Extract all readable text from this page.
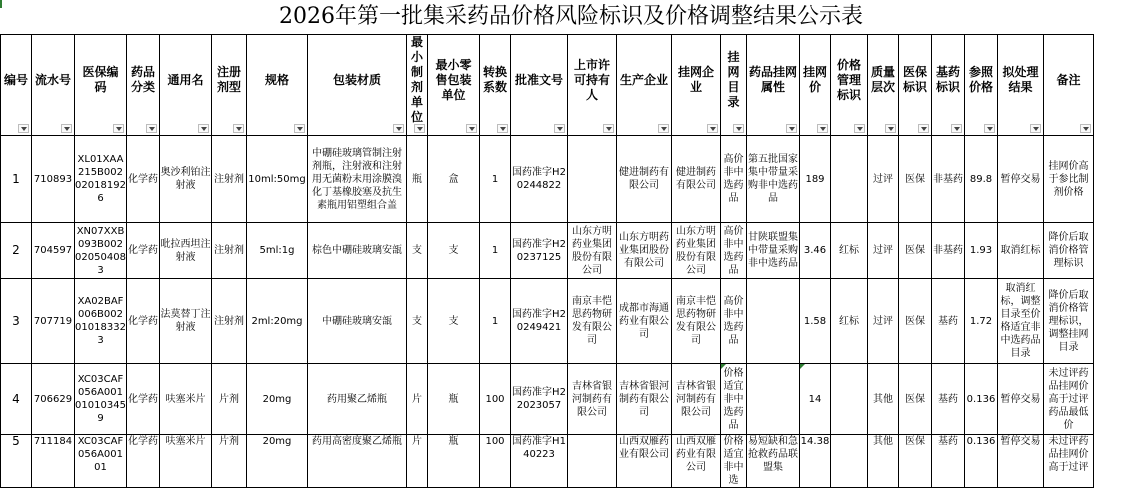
2026年第一批集采药品价格风险标识及价格调整结果公示表
编号	流水号	医保编码	药品分类	通用名	注册剂型	规格	包装材质	最小制剂单位	最小零售包装单位	转换系数	批准文号	上市许可持有人	生产企业	挂网企业	挂网目录	药品挂网属性	挂网价	价格管理标识	质量层次	医保标识	基药标识	参照价格	拟处理结果	备注

1	710893	XL01XAA215B002020181926	化学药	奥沙利铂注射液	注射剂	10ml:50mg	中硼硅玻璃管制注射剂瓶，注射液和注射用无菌粉末用涂膜溴化丁基橡胶塞及抗生素瓶用铝塑组合盖	瓶	盒	1	国药准字H20244822		健进制药有限公司	健进制药有限公司	高价非中选药品	第五批国家集中带量采购非中选药品	189		过评	医保	非基药	89.8	暂停交易	挂网价高于参比制剂价格
2	704597	XN07XXB093B002020504083	化学药	吡拉西坦注射液	注射剂	5ml:1g	棕色中硼硅玻璃安瓿	支	支	1	国药准字H20237125	山东方明药业集团股份有限公司	山东方明药业集团股份有限公司	山东方明药业集团股份有限公司	高价非中选药品	甘陕联盟集中带量采购非中选药品	3.46	红标	过评	医保	非基药	1.93	取消红标	降价后取消价格管理标识
3	707719	XA02BAF006B002010183323	化学药	法莫替丁注射液	注射剂	2ml:20mg	中硼硅玻璃安瓿	支	支	1	国药准字H20249421	南京丰恺思药物研发有限公司	成都市海通药业有限公司	南京丰恺思药物研发有限公司	高价非中选药品		1.58	红标	过评	医保	基药	1.72	取消红标，调整目录至价格适宜非中选药品目录	降价后取消价格管理标识，调整挂网目录
4	706629	XC03CAF056A001010103459	化学药	呋塞米片	片剂	20mg	药用聚乙烯瓶	片	瓶	100	国药准字H22023057	吉林省银河制药有限公司	吉林省银河制药有限公司	吉林省银河制药有限公司	价格适宜非中选药品		14		其他	医保	基药	0.136	暂停交易	未过评药品挂网价高于过评药品最低价
5	711184	XC03CAF056A00101	化学药	呋塞米片	片剂	20mg	药用高密度聚乙烯瓶	片	瓶	100	国药准字H140223		山西双雁药业有限公司	山西双雁药业有限公司	价格适宜非中选	易短缺和急抢救药品联盟集	14.38		其他	医保	基药	0.136	暂停交易	未过评药品挂网价高于过评
